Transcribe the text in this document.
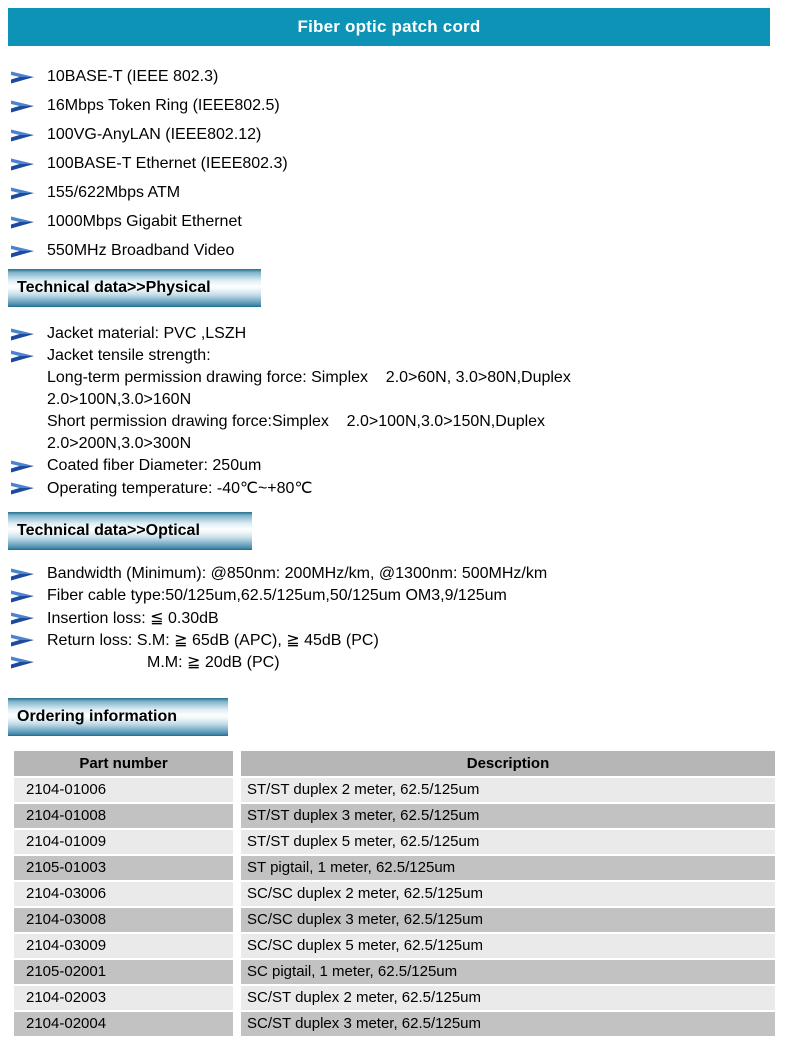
Fiber optic patch cord
10BASE-T (IEEE 802.3)
16Mbps Token Ring (IEEE802.5)
100VG-AnyLAN (IEEE802.12)
100BASE-T Ethernet (IEEE802.3)
155/622Mbps ATM
1000Mbps Gigabit Ethernet
550MHz Broadband Video
Technical data>>Physical
Jacket material: PVC ,LSZH
Jacket tensile strength:
Long-term permission drawing force: Simplex    2.0>60N, 3.0>80N,Duplex
2.0>100N,3.0>160N
Short permission drawing force:Simplex    2.0>100N,3.0>150N,Duplex
2.0>200N,3.0>300N
Coated fiber Diameter: 250um
Operating temperature: -40℃~+80℃
Technical data>>Optical
Bandwidth (Minimum): @850nm: 200MHz/km, @1300nm: 500MHz/km
Fiber cable type:50/125um,62.5/125um,50/125um OM3,9/125um
Insertion loss: ≦ 0.30dB
Return loss: S.M: ≧ 65dB (APC), ≧ 45dB (PC)
M.M: ≧ 20dB (PC)
Ordering information
Part number	Description
2104-01006	ST/ST duplex 2 meter, 62.5/125um
2104-01008	ST/ST duplex 3 meter, 62.5/125um
2104-01009	ST/ST duplex 5 meter, 62.5/125um
2105-01003	ST pigtail, 1 meter, 62.5/125um
2104-03006	SC/SC duplex 2 meter, 62.5/125um
2104-03008	SC/SC duplex 3 meter, 62.5/125um
2104-03009	SC/SC duplex 5 meter, 62.5/125um
2105-02001	SC pigtail, 1 meter, 62.5/125um
2104-02003	SC/ST duplex 2 meter, 62.5/125um
2104-02004	SC/ST duplex 3 meter, 62.5/125um
